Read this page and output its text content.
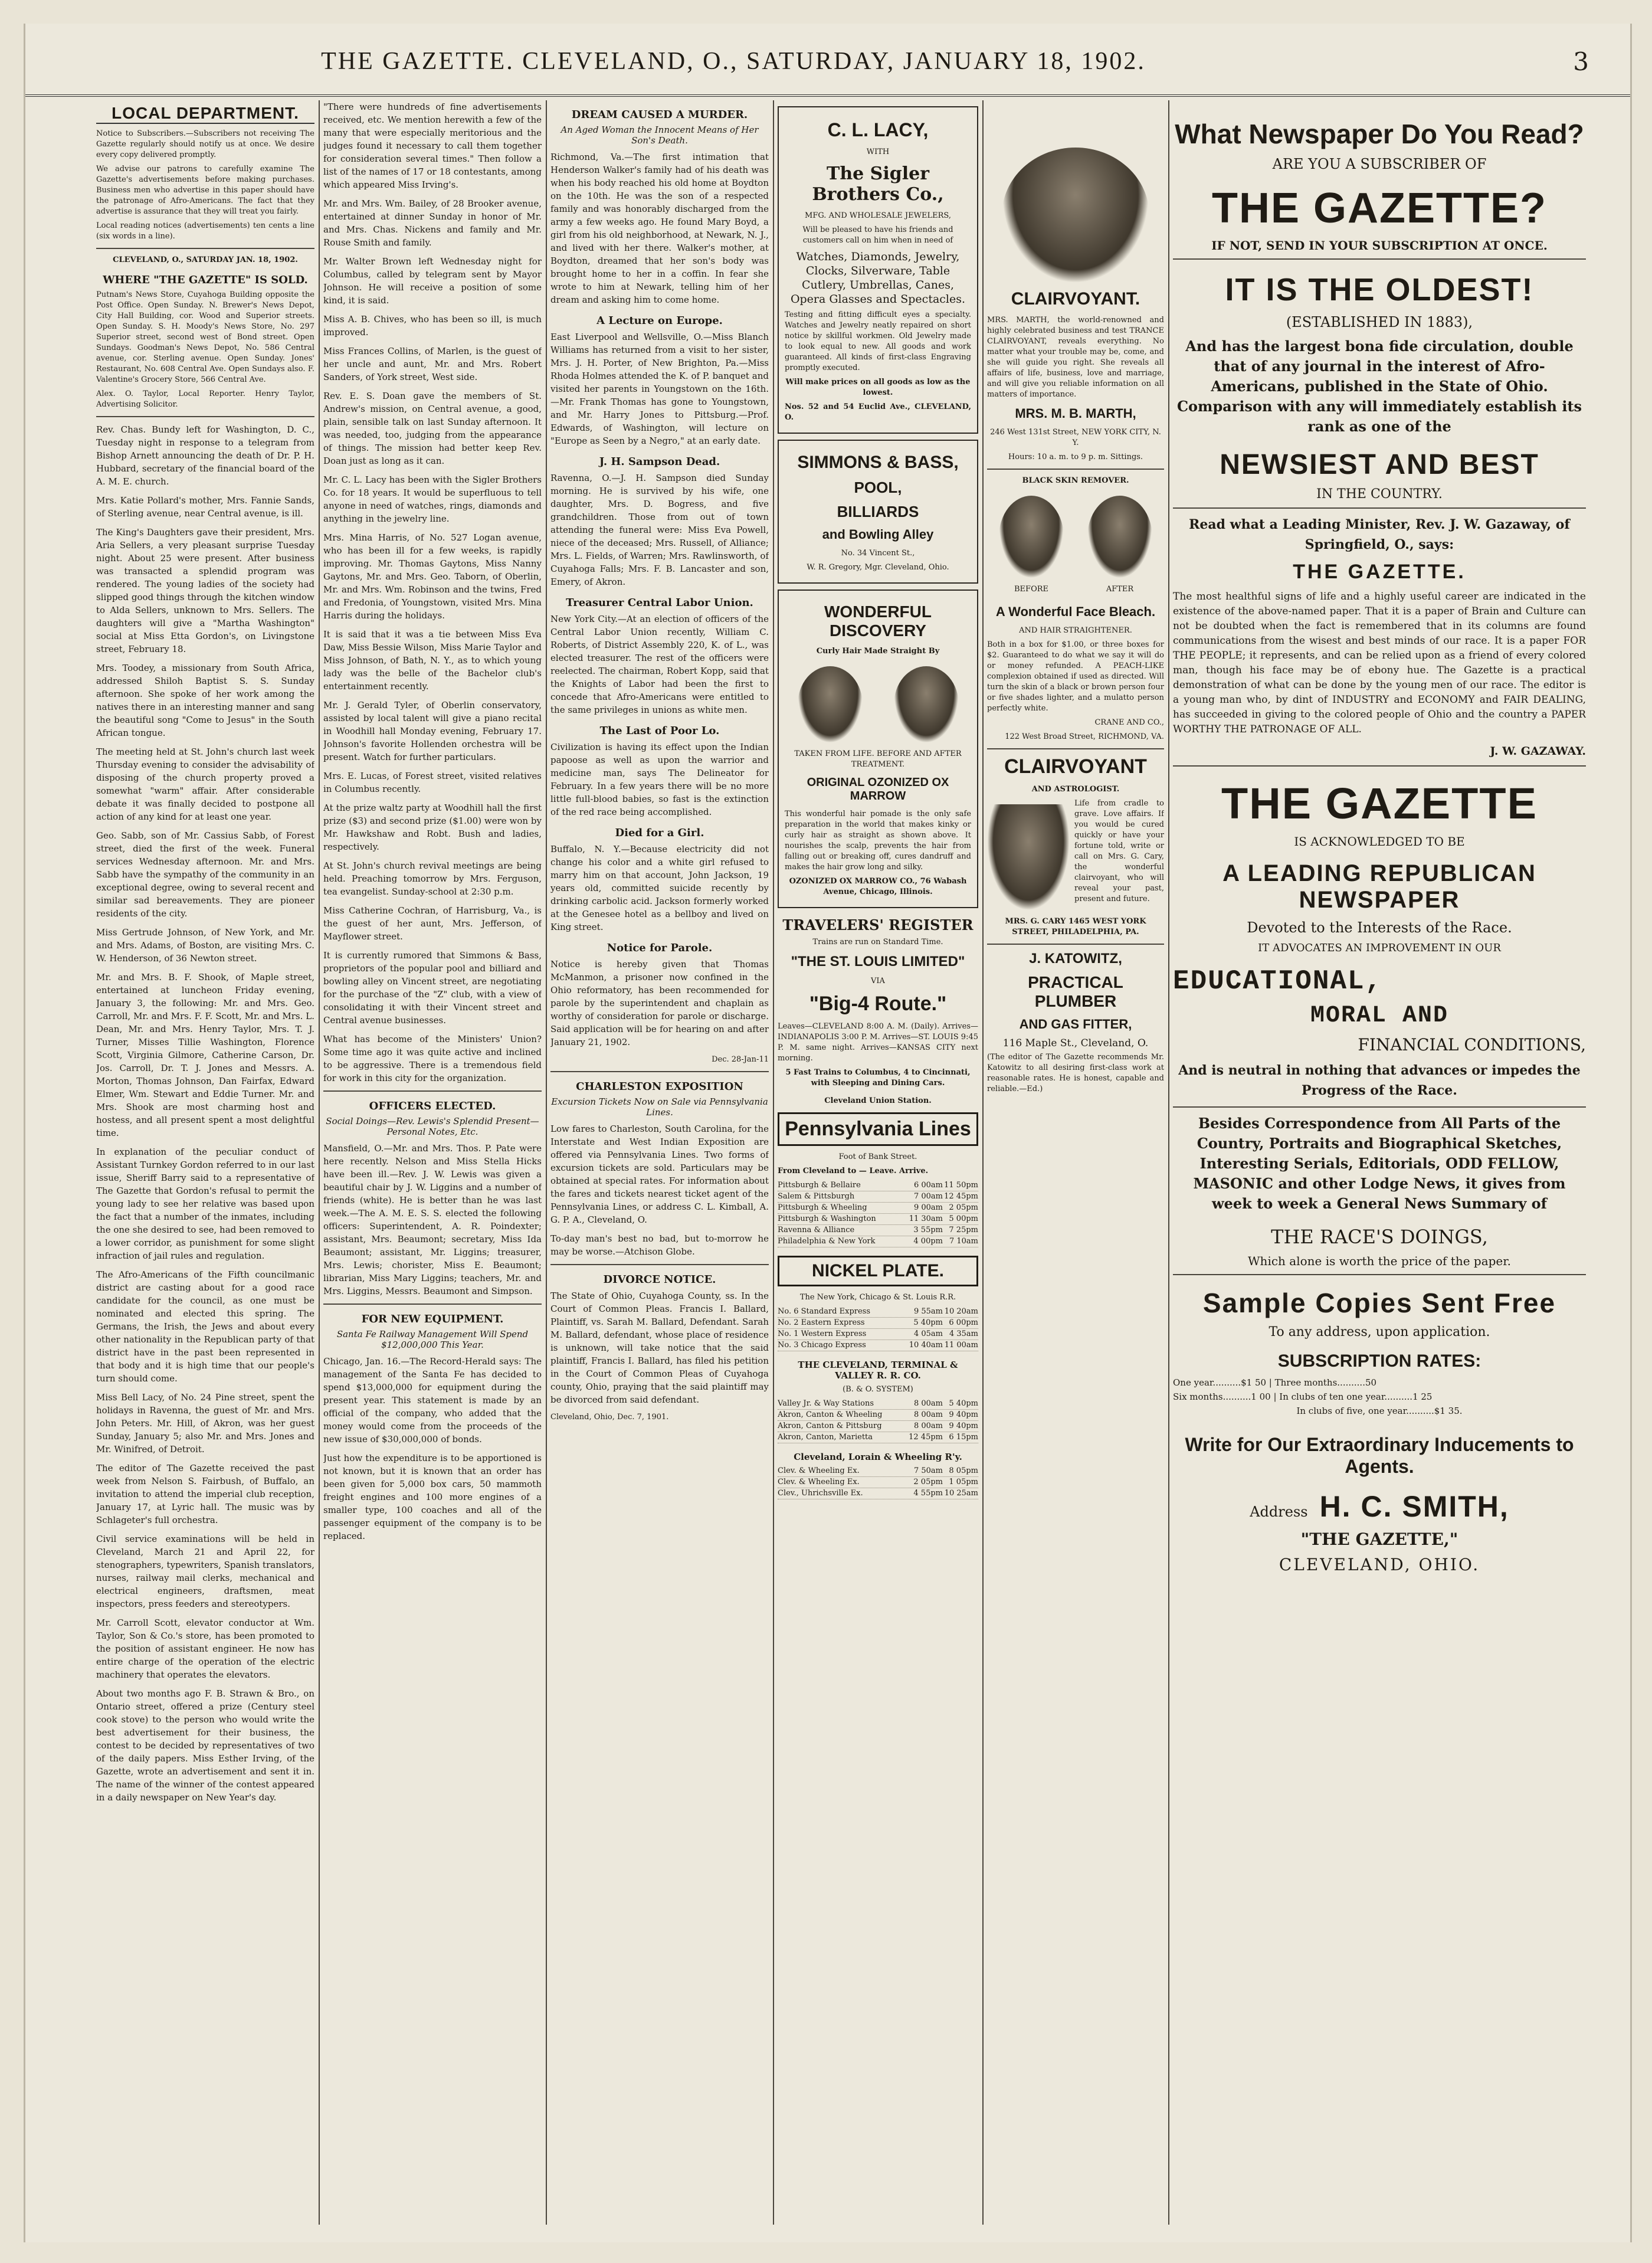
THE GAZETTE. CLEVELAND, O., SATURDAY, JANUARY 18, 1902.	3
LOCAL DEPARTMENT.

Notice to Subscribers.—Subscribers not receiving The Gazette regularly should notify us at once. We desire every copy delivered promptly.

We advise our patrons to carefully examine The Gazette's advertisements before making purchases. Business men who advertise in this paper should have the patronage of Afro-Americans. The fact that they advertise is assurance that they will treat you fairly.

Local reading notices (advertisements) ten cents a line (six words in a line).

CLEVELAND, O., SATURDAY JAN. 18, 1902.

WHERE "THE GAZETTE" IS SOLD.

Putnam's News Store, Cuyahoga Building opposite the Post Office. Open Sunday. N. Brewer's News Depot, City Hall Building, cor. Wood and Superior streets. Open Sunday. S. H. Moody's News Store, No. 297 Superior street, second west of Bond street. Open Sundays. Goodman's News Depot, No. 586 Central avenue, cor. Sterling avenue. Open Sunday. Jones' Restaurant, No. 608 Central Ave. Open Sundays also. F. Valentine's Grocery Store, 566 Central Ave.

Alex. O. Taylor, Local Reporter. Henry Taylor, Advertising Solicitor.

Rev. Chas. Bundy left for Washington, D. C., Tuesday night in response to a telegram from Bishop Arnett announcing the death of Dr. P. H. Hubbard, secretary of the financial board of the A. M. E. church.

Mrs. Katie Pollard's mother, Mrs. Fannie Sands, of Sterling avenue, near Central avenue, is ill.

The King's Daughters gave their president, Mrs. Aria Sellers, a very pleasant surprise Tuesday night. About 25 were present. After business was transacted a splendid program was rendered. The young ladies of the society had slipped good things through the kitchen window to Alda Sellers, unknown to Mrs. Sellers. The daughters will give a "Martha Washington" social at Miss Etta Gordon's, on Livingstone street, February 18.

Mrs. Toodey, a missionary from South Africa, addressed Shiloh Baptist S. S. Sunday afternoon. She spoke of her work among the natives there in an interesting manner and sang the beautiful song "Come to Jesus" in the South African tongue.

The meeting held at St. John's church last week Thursday evening to consider the advisability of disposing of the church property proved a somewhat "warm" affair. After considerable debate it was finally decided to postpone all action of any kind for at least one year.

Geo. Sabb, son of Mr. Cassius Sabb, of Forest street, died the first of the week. Funeral services Wednesday afternoon. Mr. and Mrs. Sabb have the sympathy of the community in an exceptional degree, owing to several recent and similar sad bereavements. They are pioneer residents of the city.

Miss Gertrude Johnson, of New York, and Mr. and Mrs. Adams, of Boston, are visiting Mrs. C. W. Henderson, of 36 Newton street.

Mr. and Mrs. B. F. Shook, of Maple street, entertained at luncheon Friday evening, January 3, the following: Mr. and Mrs. Geo. Carroll, Mr. and Mrs. F. F. Scott, Mr. and Mrs. L. Dean, Mr. and Mrs. Henry Taylor, Mrs. T. J. Turner, Misses Tillie Washington, Florence Scott, Virginia Gilmore, Catherine Carson, Dr. Jos. Carroll, Dr. T. J. Jones and Messrs. A. Morton, Thomas Johnson, Dan Fairfax, Edward Elmer, Wm. Stewart and Eddie Turner. Mr. and Mrs. Shook are most charming host and hostess, and all present spent a most delightful time.

In explanation of the peculiar conduct of Assistant Turnkey Gordon referred to in our last issue, Sheriff Barry said to a representative of The Gazette that Gordon's refusal to permit the young lady to see her relative was based upon the fact that a number of the inmates, including the one she desired to see, had been removed to a lower corridor, as punishment for some slight infraction of jail rules and regulation.

The Afro-Americans of the Fifth councilmanic district are casting about for a good race candidate for the council, as one must be nominated and elected this spring. The Germans, the Irish, the Jews and about every other nationality in the Republican party of that district have in the past been represented in that body and it is high time that our people's turn should come.

Miss Bell Lacy, of No. 24 Pine street, spent the holidays in Ravenna, the guest of Mr. and Mrs. John Peters. Mr. Hill, of Akron, was her guest Sunday, January 5; also Mr. and Mrs. Jones and Mr. Winifred, of Detroit.

The editor of The Gazette received the past week from Nelson S. Fairbush, of Buffalo, an invitation to attend the imperial club reception, January 17, at Lyric hall. The music was by Schlageter's full orchestra.

Civil service examinations will be held in Cleveland, March 21 and April 22, for stenographers, typewriters, Spanish translators, nurses, railway mail clerks, mechanical and electrical engineers, draftsmen, meat inspectors, press feeders and stereotypers.

Mr. Carroll Scott, elevator conductor at Wm. Taylor, Son & Co.'s store, has been promoted to the position of assistant engineer. He now has entire charge of the operation of the electric machinery that operates the elevators.

About two months ago F. B. Strawn & Bro., on Ontario street, offered a prize (Century steel cook stove) to the person who would write the best advertisement for their business, the contest to be decided by representatives of two of the daily papers. Miss Esther Irving, of the Gazette, wrote an advertisement and sent it in. The name of the winner of the contest appeared in a daily newspaper on New Year's day.

"There were hundreds of fine advertisements received, etc. We mention herewith a few of the many that were especially meritorious and the judges found it necessary to call them together for consideration several times." Then follow a list of the names of 17 or 18 contestants, among which appeared Miss Irving's.

Mr. and Mrs. Wm. Bailey, of 28 Brooker avenue, entertained at dinner Sunday in honor of Mr. and Mrs. Chas. Nickens and family and Mr. Rouse Smith and family.

Mr. Walter Brown left Wednesday night for Columbus, called by telegram sent by Mayor Johnson. He will receive a position of some kind, it is said.

Miss A. B. Chives, who has been so ill, is much improved.

Miss Frances Collins, of Marlen, is the guest of her uncle and aunt, Mr. and Mrs. Robert Sanders, of York street, West side.

Rev. E. S. Doan gave the members of St. Andrew's mission, on Central avenue, a good, plain, sensible talk on last Sunday afternoon. It was needed, too, judging from the appearance of things. The mission had better keep Rev. Doan just as long as it can.

Mr. C. L. Lacy has been with the Sigler Brothers Co. for 18 years. It would be superfluous to tell anyone in need of watches, rings, diamonds and anything in the jewelry line.

Mrs. Mina Harris, of No. 527 Logan avenue, who has been ill for a few weeks, is rapidly improving. Mr. Thomas Gaytons, Miss Nanny Gaytons, Mr. and Mrs. Geo. Taborn, of Oberlin, Mr. and Mrs. Wm. Robinson and the twins, Fred and Fredonia, of Youngstown, visited Mrs. Mina Harris during the holidays.

It is said that it was a tie between Miss Eva Daw, Miss Bessie Wilson, Miss Marie Taylor and Miss Johnson, of Bath, N. Y., as to which young lady was the belle of the Bachelor club's entertainment recently.

Mr. J. Gerald Tyler, of Oberlin conservatory, assisted by local talent will give a piano recital in Woodhill hall Monday evening, February 17. Johnson's favorite Hollenden orchestra will be present. Watch for further particulars.

Mrs. E. Lucas, of Forest street, visited relatives in Columbus recently.

At the prize waltz party at Woodhill hall the first prize ($3) and second prize ($1.00) were won by Mr. Hawkshaw and Robt. Bush and ladies, respectively.

At St. John's church revival meetings are being held. Preaching tomorrow by Mrs. Ferguson, tea evangelist. Sunday-school at 2:30 p.m.

Miss Catherine Cochran, of Harrisburg, Va., is the guest of her aunt, Mrs. Jefferson, of Mayflower street.

It is currently rumored that Simmons & Bass, proprietors of the popular pool and billiard and bowling alley on Vincent street, are negotiating for the purchase of the "Z" club, with a view of consolidating it with their Vincent street and Central avenue businesses.

What has become of the Ministers' Union? Some time ago it was quite active and inclined to be aggressive. There is a tremendous field for work in this city for the organization.

OFFICERS ELECTED.
Social Doings—Rev. Lewis's Splendid Present—Personal Notes, Etc.

Mansfield, O.—Mr. and Mrs. Thos. P. Pate were here recently. Nelson and Miss Stella Hicks have been ill.—Rev. J. W. Lewis was given a beautiful chair by J. W. Liggins and a number of friends (white). He is better than he was last week.—The A. M. E. S. S. elected the following officers: Superintendent, A. R. Poindexter; assistant, Mrs. Beaumont; secretary, Miss Ida Beaumont; assistant, Mr. Liggins; treasurer, Mrs. Lewis; chorister, Miss E. Beaumont; librarian, Miss Mary Liggins; teachers, Mr. and Mrs. Liggins, Messrs. Beaumont and Simpson.

FOR NEW EQUIPMENT.
Santa Fe Railway Management Will Spend $12,000,000 This Year.

Chicago, Jan. 16.—The Record-Herald says: The management of the Santa Fe has decided to spend $13,000,000 for equipment during the present year. This statement is made by an official of the company, who added that the money would come from the proceeds of the new issue of $30,000,000 of bonds.

Just how the expenditure is to be apportioned is not known, but it is known that an order has been given for 5,000 box cars, 50 mammoth freight engines and 100 more engines of a smaller type, 100 coaches and all of the passenger equipment of the company is to be replaced.

DREAM CAUSED A MURDER.
An Aged Woman the Innocent Means of Her Son's Death.

Richmond, Va.—The first intimation that Henderson Walker's family had of his death was when his body reached his old home at Boydton on the 10th. He was the son of a respected family and was honorably discharged from the army a few weeks ago. He found Mary Boyd, a girl from his old neighborhood, at Newark, N. J., and lived with her there. Walker's mother, at Boydton, dreamed that her son's body was brought home to her in a coffin. In fear she wrote to him at Newark, telling him of her dream and asking him to come home.

A Lecture on Europe.

East Liverpool and Wellsville, O.—Miss Blanch Williams has returned from a visit to her sister, Mrs. J. H. Porter, of New Brighton, Pa.—Miss Rhoda Holmes attended the K. of P. banquet and visited her parents in Youngstown on the 16th.—Mr. Frank Thomas has gone to Youngstown, and Mr. Harry Jones to Pittsburg.—Prof. Edwards, of Washington, will lecture on "Europe as Seen by a Negro," at an early date.

J. H. Sampson Dead.

Ravenna, O.—J. H. Sampson died Sunday morning. He is survived by his wife, one daughter, Mrs. D. Bogress, and five grandchildren. Those from out of town attending the funeral were: Miss Eva Powell, niece of the deceased; Mrs. Russell, of Alliance; Mrs. L. Fields, of Warren; Mrs. Rawlinsworth, of Cuyahoga Falls; Mrs. F. B. Lancaster and son, Emery, of Akron.

Treasurer Central Labor Union.

New York City.—At an election of officers of the Central Labor Union recently, William C. Roberts, of District Assembly 220, K. of L., was elected treasurer. The rest of the officers were reelected. The chairman, Robert Kopp, said that the Knights of Labor had been the first to concede that Afro-Americans were entitled to the same privileges in unions as white men.

The Last of Poor Lo.

Civilization is having its effect upon the Indian papoose as well as upon the warrior and medicine man, says The Delineator for February. In a few years there will be no more little full-blood babies, so fast is the extinction of the red race being accomplished.

Died for a Girl.

Buffalo, N. Y.—Because electricity did not change his color and a white girl refused to marry him on that account, John Jackson, 19 years old, committed suicide recently by drinking carbolic acid. Jackson formerly worked at the Genesee hotel as a bellboy and lived on King street.

Notice for Parole.

Notice is hereby given that Thomas McManmon, a prisoner now confined in the Ohio reformatory, has been recommended for parole by the superintendent and chaplain as worthy of consideration for parole or discharge. Said application will be for hearing on and after January 21, 1902.

Dec. 28-Jan-11

CHARLESTON EXPOSITION
Excursion Tickets Now on Sale via Pennsylvania Lines.

Low fares to Charleston, South Carolina, for the Interstate and West Indian Exposition are offered via Pennsylvania Lines. Two forms of excursion tickets are sold. Particulars may be obtained at special rates. For information about the fares and tickets nearest ticket agent of the Pennsylvania Lines, or address C. L. Kimball, A. G. P. A., Cleveland, O.

To-day man's best no bad, but to-morrow he may be worse.—Atchison Globe.

DIVORCE NOTICE.

The State of Ohio, Cuyahoga County, ss. In the Court of Common Pleas. Francis I. Ballard, Plaintiff, vs. Sarah M. Ballard, Defendant. Sarah M. Ballard, defendant, whose place of residence is unknown, will take notice that the said plaintiff, Francis I. Ballard, has filed his petition in the Court of Common Pleas of Cuyahoga county, Ohio, praying that the said plaintiff may be divorced from said defendant.

Cleveland, Ohio, Dec. 7, 1901.

C. L. LACY,
WITH
The Sigler Brothers Co.,
MFG. AND WHOLESALE JEWELERS,
Will be pleased to have his friends and customers call on him when in need of
Watches, Diamonds, Jewelry, Clocks, Silverware, Table Cutlery, Umbrellas, Canes, Opera Glasses and Spectacles.
Testing and fitting difficult eyes a specialty. Watches and Jewelry neatly repaired on short notice by skillful workmen. Old Jewelry made to look equal to new. All goods and work guaranteed. All kinds of first-class Engraving promptly executed.
Will make prices on all goods as low as the lowest.
Nos. 52 and 54 Euclid Ave., CLEVELAND, O.
SIMMONS & BASS,
POOL,
BILLIARDS
and Bowling Alley
No. 34 Vincent St.,
W. R. Gregory, Mgr. Cleveland, Ohio.
WONDERFUL DISCOVERY
Curly Hair Made Straight By
TAKEN FROM LIFE. BEFORE AND AFTER TREATMENT.
ORIGINAL OZONIZED OX MARROW
This wonderful hair pomade is the only safe preparation in the world that makes kinky or curly hair as straight as shown above. It nourishes the scalp, prevents the hair from falling out or breaking off, cures dandruff and makes the hair grow long and silky.
OZONIZED OX MARROW CO., 76 Wabash Avenue, Chicago, Illinois.
TRAVELERS' REGISTER
Trains are run on Standard Time.
"THE ST. LOUIS LIMITED"
VIA
"Big-4 Route."
Leaves—CLEVELAND 8:00 A. M. (Daily). Arrives—INDIANAPOLIS 3:00 P. M. Arrives—ST. LOUIS 9:45 P. M. same night. Arrives—KANSAS CITY next morning.
5 Fast Trains to Columbus, 4 to Cincinnati, with Sleeping and Dining Cars.
Cleveland Union Station.
Pennsylvania Lines
Foot of Bank Street.
From Cleveland to — Leave. Arrive.
Pittsburgh & Bellaire	6 00am 11 50pm
Salem & Pittsburgh	7 00am 12 45pm
Pittsburgh & Wheeling	9 00am 2 05pm
Pittsburgh & Washington	11 30am 5 00pm
Ravenna & Alliance	3 55pm 7 25pm
Philadelphia & New York	4 00pm 7 10am
NICKEL PLATE.
The New York, Chicago & St. Louis R.R.
No. 6 Standard Express	9 55am 10 20am
No. 2 Eastern Express	5 40pm 6 00pm
No. 1 Western Express	4 05am 4 35am
No. 3 Chicago Express	10 40am 11 00am
THE CLEVELAND, TERMINAL & VALLEY R. R. CO.
(B. & O. SYSTEM)
Valley Jr. & Way Stations	8 00am 5 40pm
Akron, Canton & Wheeling	8 00am 9 40pm
Akron, Canton & Pittsburg	8 00am 9 40pm
Akron, Canton, Marietta	12 45pm 6 15pm
Cleveland, Lorain & Wheeling R'y.
Clev. & Wheeling Ex.	7 50am 8 05pm
Clev. & Wheeling Ex.	2 05pm 1 05pm
Clev., Uhrichsville Ex.	4 55pm 10 25am
CLAIRVOYANT.
MRS. MARTH, the world-renowned and highly celebrated business and test TRANCE CLAIRVOYANT, reveals everything. No matter what your trouble may be, come, and she will guide you right. She reveals all affairs of life, business, love and marriage, and will give you reliable information on all matters of importance.
MRS. M. B. MARTH,
246 West 131st Street, NEW YORK CITY, N. Y.
Hours: 10 a. m. to 9 p. m. Sittings.
BLACK SKIN REMOVER.
BEFORE	AFTER
A Wonderful Face Bleach.
AND HAIR STRAIGHTENER.
Both in a box for $1.00, or three boxes for $2. Guaranteed to do what we say it will do or money refunded. A PEACH-LIKE complexion obtained if used as directed. Will turn the skin of a black or brown person four or five shades lighter, and a mulatto person perfectly white.
CRANE AND CO.,
122 West Broad Street, RICHMOND, VA.
CLAIRVOYANT
AND ASTROLOGIST.
Life from cradle to grave. Love affairs. If you would be cured quickly or have your fortune told, write or call on Mrs. G. Cary, the wonderful clairvoyant, who will reveal your past, present and future.
MRS. G. CARY 1465 WEST YORK STREET, PHILADELPHIA, PA.
J. KATOWITZ,
PRACTICAL PLUMBER
AND GAS FITTER,
116 Maple St., Cleveland, O.
(The editor of The Gazette recommends Mr. Katowitz to all desiring first-class work at reasonable rates. He is honest, capable and reliable.—Ed.)
What Newspaper Do You Read?
ARE YOU A SUBSCRIBER OF
THE GAZETTE?
IF NOT, SEND IN YOUR SUBSCRIPTION AT ONCE.
IT IS THE OLDEST!
(ESTABLISHED IN 1883),
And has the largest bona fide circulation, double that of any journal in the interest of Afro-Americans, published in the State of Ohio. Comparison with any will immediately establish its rank as one of the
NEWSIEST AND BEST
IN THE COUNTRY.
Read what a Leading Minister, Rev. J. W. Gazaway, of Springfield, O., says:
THE GAZETTE.
The most healthful signs of life and a highly useful career are indicated in the existence of the above-named paper. That it is a paper of Brain and Culture can not be doubted when the fact is remembered that in its columns are found communications from the wisest and best minds of our race. It is a paper FOR THE PEOPLE; it represents, and can be relied upon as a friend of every colored man, though his face may be of ebony hue. The Gazette is a practical demonstration of what can be done by the young men of our race. The editor is a young man who, by dint of INDUSTRY and ECONOMY and FAIR DEALING, has succeeded in giving to the colored people of Ohio and the country a PAPER WORTHY THE PATRONAGE OF ALL.
J. W. GAZAWAY.
THE GAZETTE
IS ACKNOWLEDGED TO BE
A LEADING REPUBLICAN NEWSPAPER
Devoted to the Interests of the Race.
IT ADVOCATES AN IMPROVEMENT IN OUR
EDUCATIONAL,
MORAL AND
FINANCIAL CONDITIONS,
And is neutral in nothing that advances or impedes the Progress of the Race.
Besides Correspondence from All Parts of the Country, Portraits and Biographical Sketches, Interesting Serials, Editorials, ODD FELLOW, MASONIC and other Lodge News, it gives from week to week a General News Summary of
THE RACE'S DOINGS,
Which alone is worth the price of the paper.
Sample Copies Sent Free
To any address, upon application.
SUBSCRIPTION RATES:
One year..........$1 50 | Three months..........50
Six months..........1 00 | In clubs of ten one year..........1 25
In clubs of five, one year..........$1 35.
Write for Our Extraordinary Inducements to Agents.
Address H. C. SMITH,
"THE GAZETTE,"
CLEVELAND, OHIO.
